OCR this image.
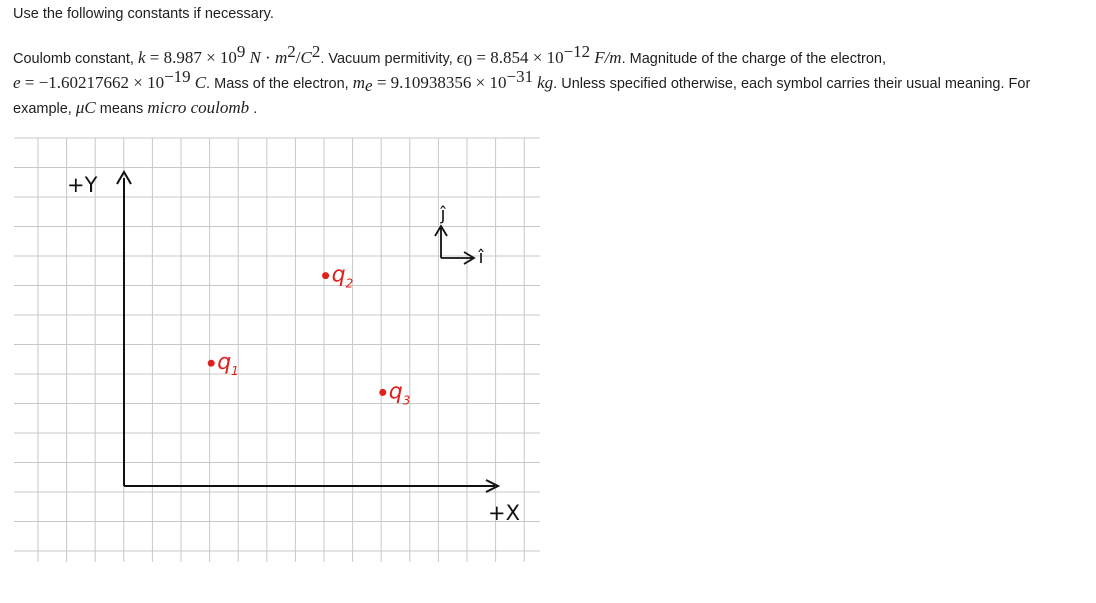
Use the following constants if necessary.
Coulomb constant, $k = 8.987 \times 10^9$ $N \cdot m^2/C^2$. Vacuum permitivity, $\epsilon_0 = 8.854 \times 10^{-12}$ F/m. Magnitude of the charge of the electron,
$e = -1.60217662 \times 10^{-19}$ C. Mass of the electron, $m_e = 9.10938356 \times 10^{-31}$ kg. Unless specified otherwise, each symbol carries their usual meaning. For example, μC means micro coulomb .
+Y
+X
ĵ
î
$q_1$
$q_2$
$q_3$
